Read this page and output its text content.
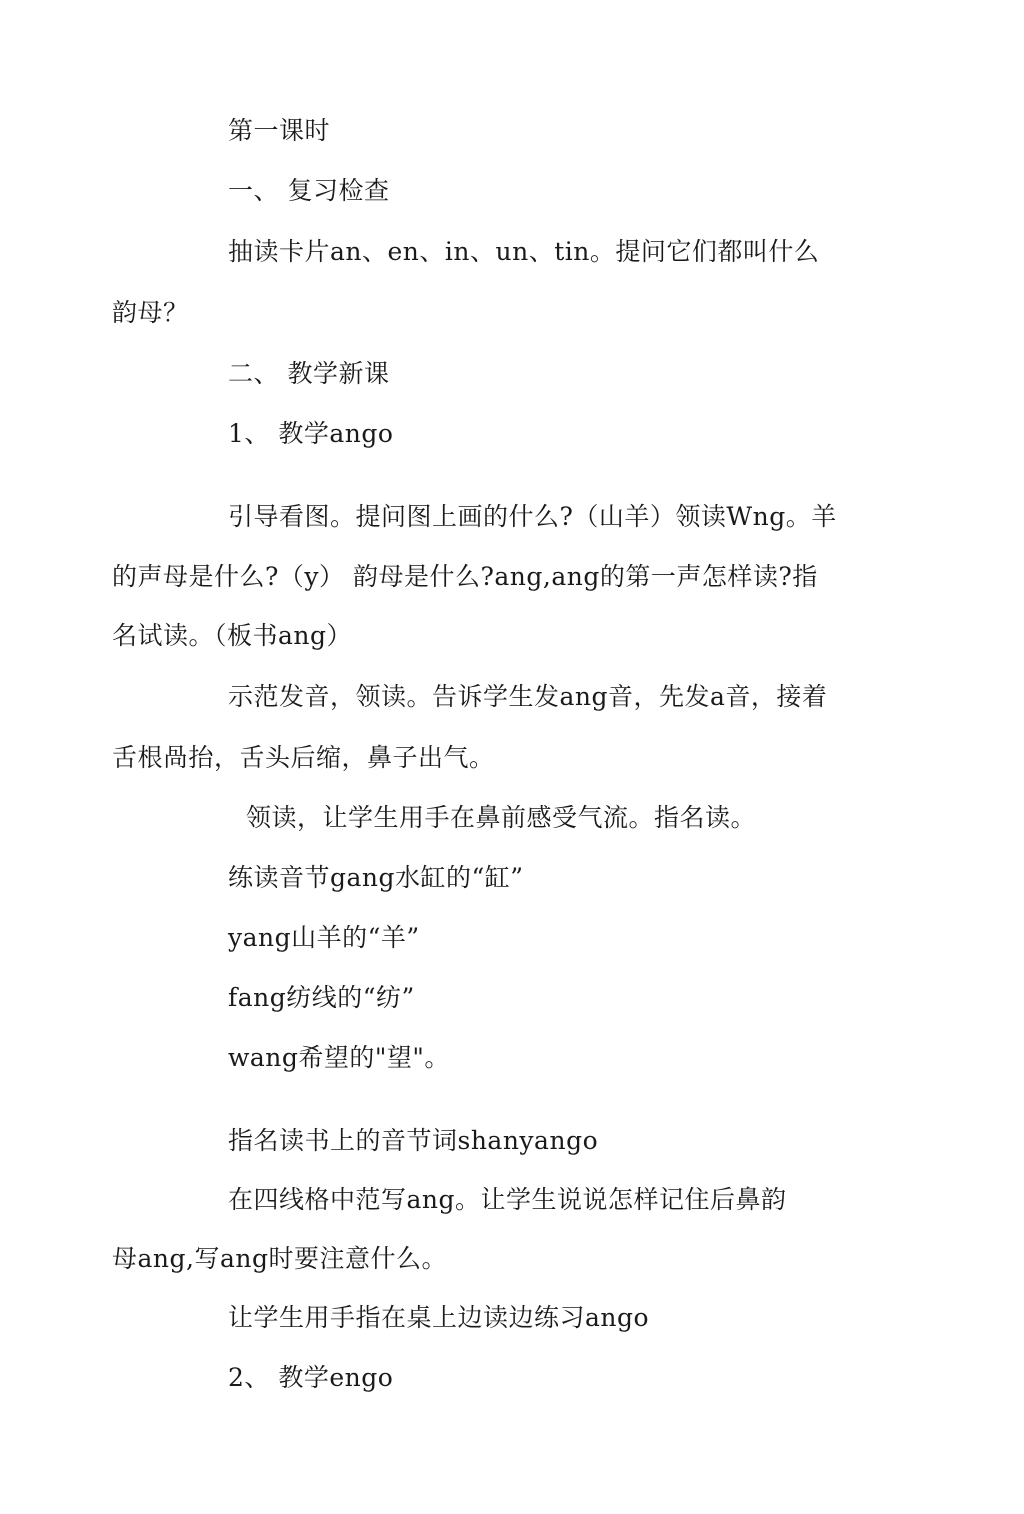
第一课时
一、 复习检查
抽读卡片an、en、in、un、tin。提问它们都叫什么
韵母？
二、 教学新课
1、 教学ango
引导看图。提问图上画的什么?（山羊）领读Wng。羊
的声母是什么?（y） 韵母是什么?ang,ang的第一声怎样读?指
名试读。（板书ang）
示范发音，领读。告诉学生发ang音，先发a音，接着
舌根咼抬，舌头后缩，鼻子出气。
领读，让学生用手在鼻前感受气流。指名读。
练读音节gang水缸的“缸”
yang山羊的“羊”
fang纺线的“纺”
wang希望的"望"。
指名读书上的音节词shanyango
在四线格中范写ang。让学生说说怎样记住后鼻韵
母ang,写ang时要注意什么。
让学生用手指在桌上边读边练习ango
2、 教学engo
